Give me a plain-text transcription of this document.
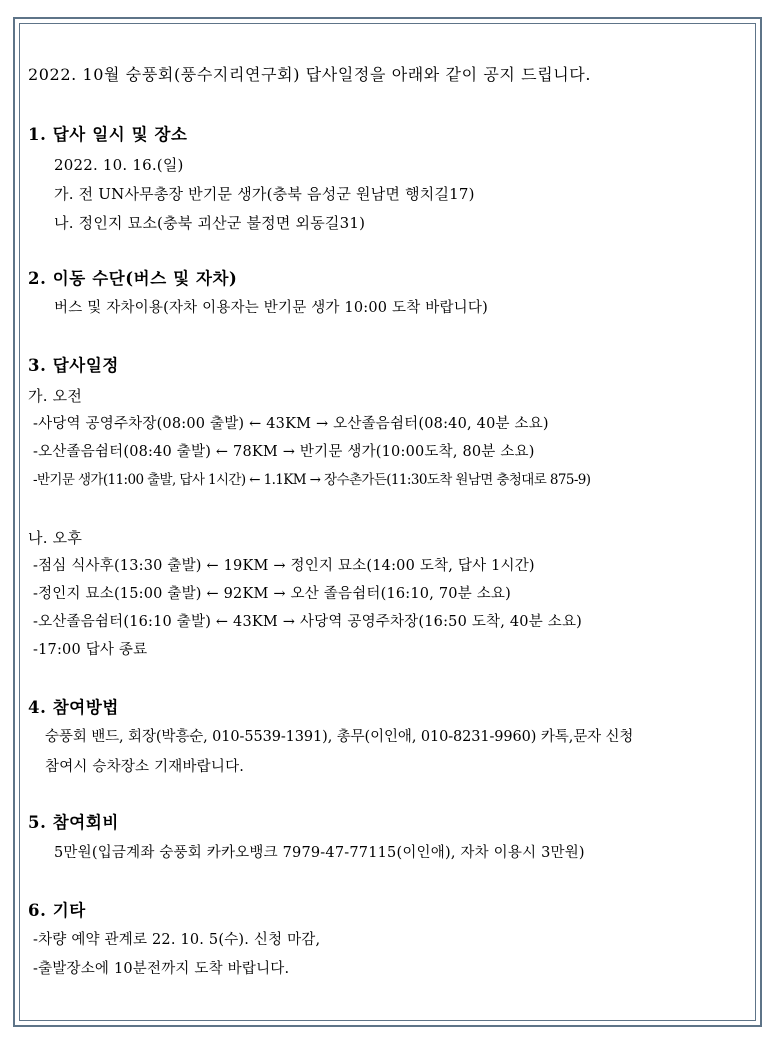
2022. 10월 숭풍회(풍수지리연구회) 답사일정을 아래와 같이 공지 드립니다.
1. 답사 일시 및 장소
2022. 10. 16.(일)
가. 전 UN사무총장 반기문 생가(충북 음성군 원남면 행치길17)
나. 정인지 묘소(충북 괴산군 불정면 외동길31)
2. 이동 수단(버스 및 자차)
버스 및 자차이용(자차 이용자는 반기문 생가 10:00 도착 바랍니다)
3. 답사일정
가. 오전
-사당역 공영주차장(08:00 출발) ← 43KM → 오산졸음쉼터(08:40, 40분 소요)
-오산졸음쉼터(08:40 출발) ← 78KM → 반기문 생가(10:00도착, 80분 소요)
-반기문 생가(11:00 출발, 답사 1시간) ← 1.1KM → 장수촌가든(11:30도착 원남면 충청대로 875-9)
나. 오후
-점심 식사후(13:30 출발) ← 19KM → 정인지 묘소(14:00 도착, 답사 1시간)
-정인지 묘소(15:00 출발) ← 92KM → 오산 졸음쉼터(16:10, 70분 소요)
-오산졸음쉼터(16:10 출발) ← 43KM → 사당역 공영주차장(16:50 도착, 40분 소요)
-17:00 답사 종료
4. 참여방법
숭풍회 밴드, 회장(박흥순, 010-5539-1391), 총무(이인애, 010-8231-9960) 카톡,문자 신청
참여시 승차장소 기재바랍니다.
5. 참여회비
5만원(입금계좌 숭풍회 카카오뱅크 7979-47-77115(이인애), 자차 이용시 3만원)
6. 기타
-차량 예약 관계로 22. 10. 5(수). 신청 마감,
-출발장소에 10분전까지 도착 바랍니다.
